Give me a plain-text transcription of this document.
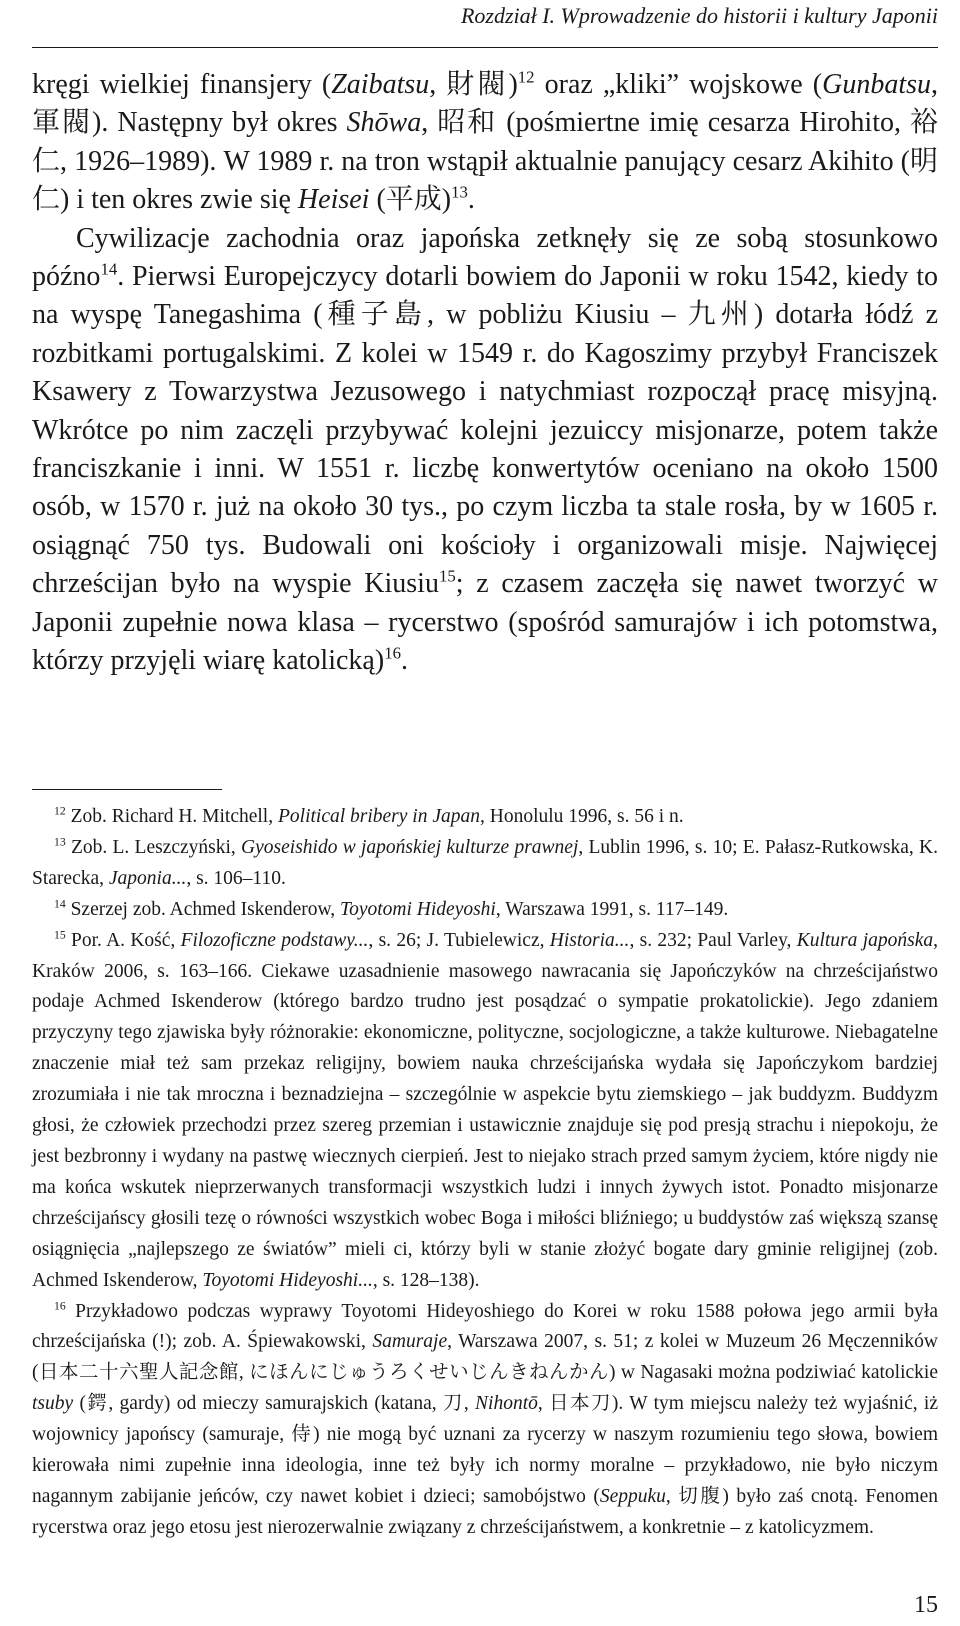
Rozdział I. Wprowadzenie do historii i kultury Japonii

kręgi wielkiej finansjery (Zaibatsu, 財閥)$^{12}$ oraz „kliki” wojskowe (Gunbatsu, 軍閥). Następny był okres Shōwa, 昭和 (pośmiertne imię cesarza Hirohito, 裕仁, 1926–1989). W 1989 r. na tron wstąpił aktualnie panujący cesarz Akihito (明仁) i ten okres zwie się Heisei (平成)$^{13}$.

Cywilizacje zachodnia oraz japońska zetknęły się ze sobą stosunkowo późno$^{14}$. Pierwsi Europejczycy dotarli bowiem do Japonii w roku 1542, kiedy to na wyspę Tanegashima (種子島, w pobliżu Kiusiu – 九州) dotarła łódź z rozbitkami portugalskimi. Z kolei w 1549 r. do Kagoszimy przybył Franciszek Ksawery z Towarzystwa Jezusowego i natychmiast rozpoczął pracę misyjną. Wkrótce po nim zaczęli przybywać kolejni jezuiccy misjonarze, potem także franciszkanie i inni. W 1551 r. liczbę konwertytów oceniano na około 1500 osób, w 1570 r. już na około 30 tys., po czym liczba ta stale rosła, by w 1605 r. osiągnąć 750 tys. Budowali oni kościoły i organizowali misje. Najwięcej chrześcijan było na wyspie Kiusiu$^{15}$; z czasem zaczęła się nawet tworzyć w Japonii zupełnie nowa klasa – rycerstwo (spośród samurajów i ich potomstwa, którzy przyjęli wiarę katolicką)$^{16}$.

$^{12}$ Zob. Richard H. Mitchell, Political bribery in Japan, Honolulu 1996, s. 56 i n.

$^{13}$ Zob. L. Leszczyński, Gyoseishido w japońskiej kulturze prawnej, Lublin 1996, s. 10; E. Pałasz-Rutkowska, K. Starecka, Japonia..., s. 106–110.

$^{14}$ Szerzej zob. Achmed Iskenderow, Toyotomi Hideyoshi, Warszawa 1991, s. 117–149.

$^{15}$ Por. A. Kość, Filozoficzne podstawy..., s. 26; J. Tubielewicz, Historia..., s. 232; Paul Varley, Kultura japońska, Kraków 2006, s. 163–166. Ciekawe uzasadnienie masowego nawracania się Japończyków na chrześcijaństwo podaje Achmed Iskenderow (którego bardzo trudno jest posądzać o sympatie prokatolickie). Jego zdaniem przyczyny tego zjawiska były różnorakie: ekonomiczne, polityczne, socjologiczne, a także kulturowe. Niebagatelne znaczenie miał też sam przekaz religijny, bowiem nauka chrześcijańska wydała się Japończykom bardziej zrozumiała i nie tak mroczna i beznadziejna – szczególnie w aspekcie bytu ziemskiego – jak buddyzm. Buddyzm głosi, że człowiek przechodzi przez szereg przemian i ustawicznie znajduje się pod presją strachu i niepokoju, że jest bezbronny i wydany na pastwę wiecznych cierpień. Jest to niejako strach przed samym życiem, które nigdy nie ma końca wskutek nieprzerwanych transformacji wszystkich ludzi i innych żywych istot. Ponadto misjonarze chrześcijańscy głosili tezę o równości wszystkich wobec Boga i miłości bliźniego; u buddystów zaś większą szansę osiągnięcia „najlepszego ze światów” mieli ci, którzy byli w stanie złożyć bogate dary gminie religijnej (zob. Achmed Iskenderow, Toyotomi Hideyoshi..., s. 128–138).

$^{16}$ Przykładowo podczas wyprawy Toyotomi Hideyoshiego do Korei w roku 1588 połowa jego armii była chrześcijańska (!); zob. A. Śpiewakowski, Samuraje, Warszawa 2007, s. 51; z kolei w Muzeum 26 Męczenników (日本二十六聖人記念館, にほんにじゅうろくせいじんきねんかん) w Nagasaki można podziwiać katolickie tsuby (鍔, gardy) od mieczy samurajskich (katana, 刀, Nihontō, 日本刀). W tym miejscu należy też wyjaśnić, iż wojownicy japońscy (samuraje, 侍) nie mogą być uznani za rycerzy w naszym rozumieniu tego słowa, bowiem kierowała nimi zupełnie inna ideologia, inne też były ich normy moralne – przykładowo, nie było niczym nagannym zabijanie jeńców, czy nawet kobiet i dzieci; samobójstwo (Seppuku, 切腹) było zaś cnotą. Fenomen rycerstwa oraz jego etosu jest nierozerwalnie związany z chrześcijaństwem, a konkretnie – z katolicyzmem.

15
